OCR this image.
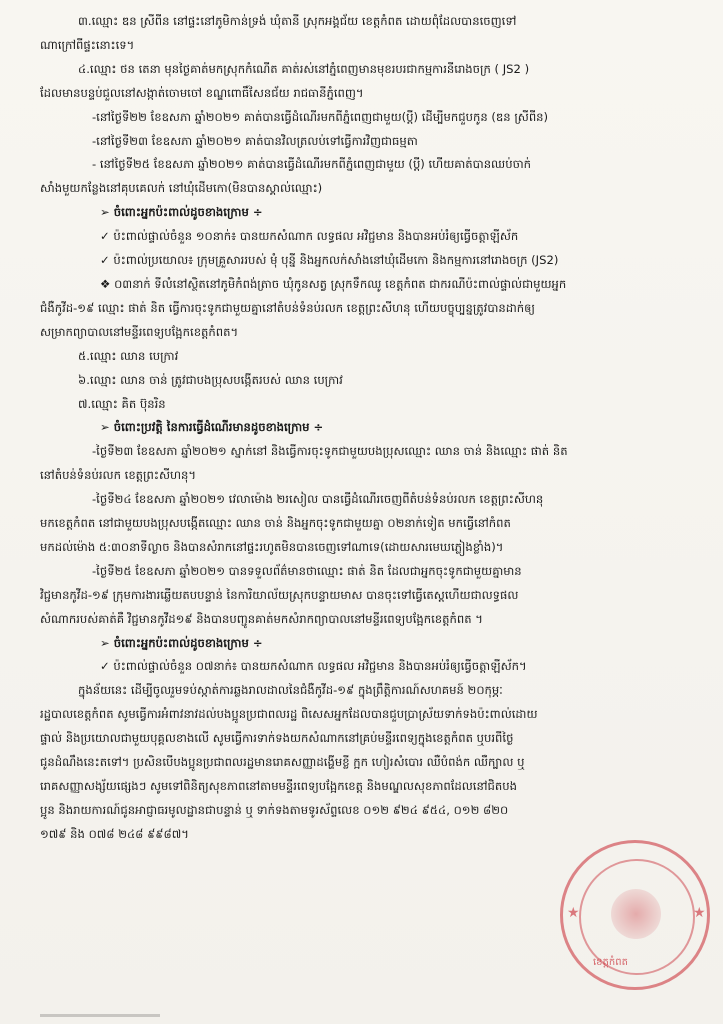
៣.ឈ្មោះ ឌន ស្រីពីន នៅផ្ទះនៅភូមិកាន់ទ្រង់ ឃុំតានី ស្រុកអង្គជ័យ ខេត្តកំពត ដោយពុំដែលបានចេញទៅ
ណាក្រៅពីផ្ទះនោះទេ។
៤.ឈ្មោះ ថន តេនា មុនថ្ងៃគាត់មកស្រុកកំណើត គាត់រស់នៅភ្នំពេញមានមុខរបរជាកម្មការនីរោងចក្រ ( JS2 )
ដែលមានបន្ទប់ជួលនៅសង្កាត់ចោមចៅ ខណ្ឌពោធិ៍សែនជ័យ រាជធានីភ្នំពេញ។
-នៅថ្ងៃទី២២ ខែឧសភា ឆ្នាំ២០២១ គាត់បានធ្វើដំណើរមកពីភ្នំពេញជាមួយ(ប្តី) ដើម្បីមកជួបកូន (ឌន ស្រីពីន)
-នៅថ្ងៃទី២៣ ខែឧសភា ឆ្នាំ២០២១ គាត់បានវិលត្រលប់ទៅធ្វើការវិញជាធម្មតា
- នៅថ្ងៃទី២៥ ខែឧសភា ឆ្នាំ២០២១ គាត់បានធ្វើដំណើរមកពីភ្នំពេញជាមួយ (ប្តី) ហើយគាត់បានឈប់ចាក់
សាំងមួយកន្លែងនៅគុបគេលក់ នៅឃុំដើមកោ(មិនបានស្គាល់ឈ្មោះ)
➢ ចំពោះអ្នកប៉ះពាល់ដូចខាងក្រោម ÷
✓ ប៉ះពាល់ផ្ទាល់ចំនួន ១០នាក់៖ បានយកសំណាក លទ្ធផល អវិជ្ជមាន និងបានអប់រំឲ្យធ្វើចត្តាឡីស័ក
✓ ប៉ះពាល់ប្រយោល៖ ក្រុមគ្រួសាររបស់ មុំ បុន្នី និងអ្នកលក់សាំងនៅឃុំដើមកោ និងកម្មការនៅរោងចក្រ (JS2)
❖ ០៣នាក់ ទីលំនៅស្ថិតនៅភូមិកំពង់ត្រាច ឃុំកូនសត្វ ស្រុកទឹកឈូ ខេត្តកំពត ជាករណីប៉ះពាល់ផ្ទាល់ជាមួយអ្នក
ជំងឺកូវីដ-១៩ ឈ្មោះ ផាត់ និត ធ្វើការចុះទូកជាមួយគ្នានៅតំបន់ទំនប់រលក ខេត្តព្រះសីហនុ ហើយបច្ចុប្បន្នត្រូវបានដាក់ឲ្យ
សម្រាកព្យាបាលនៅមន្ទីរពេទ្យបង្អែកខេត្តកំពត។
៥.ឈ្មោះ ឈាន បេក្រាវ
៦.ឈ្មោះ ឈាន ចាន់ ត្រូវជាបងប្រុសបង្កើតរបស់ ឈាន បេក្រាវ
៧.ឈ្មោះ គិត ប៊ុនរិន
➢ ចំពោះប្រវត្តិ នៃការធ្វើដំណើរមានដូចខាងក្រោម ÷
-ថ្ងៃទី២៣ ខែឧសភា ឆ្នាំ២០២១ ស្នាក់នៅ និងធ្វើការចុះទូកជាមួយបងប្រុសឈ្មោះ ឈាន ចាន់ និងឈ្មោះ ផាត់ និត
នៅតំបន់ទំនប់រលក ខេត្តព្រះសីហនុ។
-ថ្ងៃទី២៤ ខែឧសភា ឆ្នាំ២០២១ វេលាម៉ោង ២រសៀល បានធ្វើដំណើរចេញពីតំបន់ទំនប់រលក ខេត្តព្រះសីហនុ
មកខេត្តកំពត នៅជាមួយបងប្រុសបង្កើតឈ្មោះ ឈាន ចាន់ និងអ្នកចុះទូកជាមួយគ្នា ០២នាក់ទៀត មកធ្វើនៅកំពត
មកដល់ម៉ោង ៥:៣០នាទីល្ងាច និងបានសំរាកនៅផ្ទះរហូតមិនបានចេញទៅណាទេ(ដោយសារមេឃភ្លៀងខ្លាំង)។
-ថ្ងៃទី២៥ ខែឧសភា ឆ្នាំ២០២១ បានទទួលព័ត៌មានថាឈ្មោះ ផាត់ និត ដែលជាអ្នកចុះទូកជាមួយគ្នាមាន
វិជ្ជមានកូវីដ-១៩ ក្រុមការងារឆ្លើយតបបន្ទាន់ នៃការិយាល័យស្រុកបន្ទាយមាស បានចុះទៅធ្វើតេស្តហើយជាលទ្ធផល
សំណាករបស់គាត់គឺ វិជ្ជមានកូវីដ១៩ និងបានបញ្ជូនគាត់មកសំរាកព្យាបាលនៅមន្ទីរពេទ្យបង្អែកខេត្តកំពត ។
➢ ចំពោះអ្នកប៉ះពាល់ដូចខាងក្រោម ÷
✓ ប៉ះពាល់ផ្ទាល់ចំនួន ០៧នាក់៖ បានយកសំណាក លទ្ធផល អវិជ្ជមាន និងបានអប់រំឲ្យធ្វើចត្តាឡីស័ក។
ក្នុងន័យនេះ ដើម្បីចូលរួមទប់ស្កាត់ការឆ្លងរាលដាលនៃជំងឺកូវីដ-១៩ ក្នុងព្រឹត្តិការណ៍សហគមន៍ ២០កុម្ភៈ
រដ្ឋបាលខេត្តកំពត សូមធ្វើការអំពាវនាវដល់បងប្អូនប្រជាពលរដ្ឋ ពិសេសអ្នកដែលបានជួបប្រាស្រ័យទាក់ទងប៉ះពាល់ដោយ
ផ្ទាល់ និងប្រយោលជាមួយបុគ្គលខាងលើ សូមធ្វើការទាក់ទងយកសំណាកនៅគ្រប់មន្ទីរពេទ្យក្នុងខេត្តកំពត ឬបរពីថ្ងៃ
ជូនដំណឹងនេះតទៅ។ ប្រសិនបើបងប្អូនប្រជាពលរដ្ឋមានរោគសញ្ញាដង្ហើមខ្លី ក្អក ហៀរសំបោរ ឈឺបំពង់ក ឈឺក្បាល ឬ
រោគសញ្ញាសង្ស័យផ្សេងៗ សូមទៅពិនិត្យសុខភាពនៅតាមមន្ទីរពេទ្យបង្អែកខេត្ត និងមណ្ឌលសុខភាពដែលនៅជិតបង
ប្អូន និងរាយការណ៍ជូនអាជ្ញាធរមូលដ្ឋានជាបន្ទាន់ ឬ ទាក់ទងតាមទូរស័ព្ទលេខ ០១២ ៩២៤ ៩៥៤, ០១២ ៨២០
១៧៩ និង ០៧៨ ២៤៨ ៩៩៨៧។
★	★
ខេត្តកំពត
